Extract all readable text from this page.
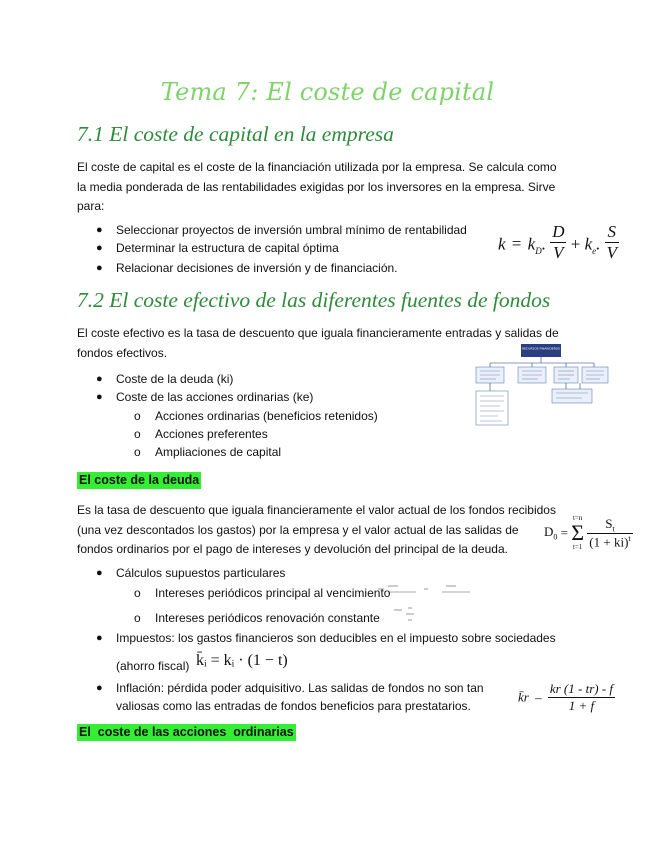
Tema 7: El coste de capital
7.1 El coste de capital en la empresa
El coste de capital es el coste de la financiación utilizada por la empresa. Se calcula como
la media ponderada de las rentabilidades exigidas por los inversores en la empresa. Sirve
para:
● Seleccionar proyectos de inversión umbral mínimo de rentabilidad
● Determinar la estructura de capital óptima
● Relacionar decisiones de inversión y de financiación.
$k = k_D$. $\frac{D}{V} + k_e$. $\frac{S}{V}$
7.2 El coste efectivo de las diferentes fuentes de fondos
El coste efectivo es la tasa de descuento que iguala financieramente entradas y salidas de
fondos efectivos.
● Coste de la deuda (ki)
● Coste de las acciones ordinarias (ke)
o Acciones ordinarias (beneficios retenidos)
o Acciones preferentes
o Ampliaciones de capital
RECURSOS FINANCIEROS
El coste de la deuda
Es la tasa de descuento que iguala financieramente el valor actual de los fondos recibidos
(una vez descontados los gastos) por la empresa y el valor actual de las salidas de
fondos ordinarios por el pago de intereses y devolución del principal de la deuda.
$D_0$ =
t=n
Σ
t=1
$\frac{S_t}{(1 + ki)^t}$
● Cálculos supuestos particulares
o Intereses periódicos principal al vencimiento
o Intereses periódicos renovación constante
● Impuestos: los gastos financieros son deducibles en el impuesto sobre sociedades
(ahorro fiscal) k̄ᵢ = kᵢ · (1 − t)
● Inflación: pérdida poder adquisitivo. Las salidas de fondos no son tan
valiosas como las entradas de fondos beneficios para prestatarios.
k̄r – $\frac{kr (1 - tr) - f}{1 + f}$
El  coste de las acciones  ordinarias
